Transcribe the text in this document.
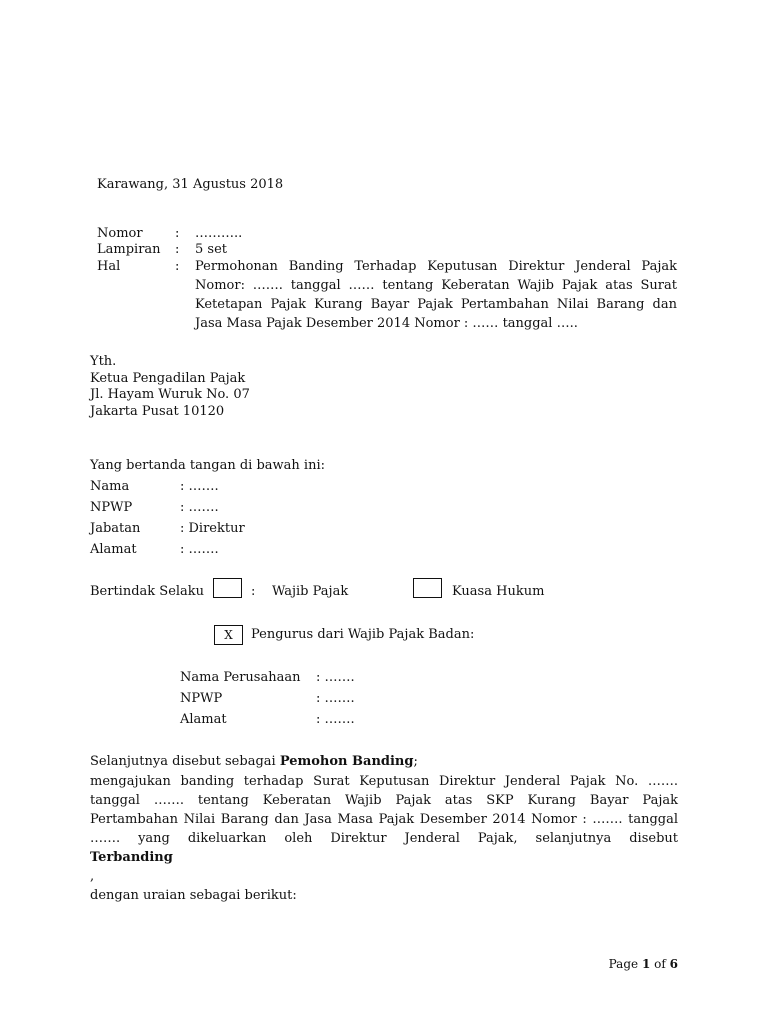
Karawang, 31 Agustus 2018
Nomor : ………..
Lampiran : 5 set
Hal	: Permohonan Banding Terhadap Keputusan Direktur Jenderal Pajak
Nomor: ……. tanggal …… tentang Keberatan Wajib Pajak atas Surat
Ketetapan Pajak Kurang Bayar Pajak Pertambahan Nilai Barang dan
Jasa Masa Pajak Desember 2014 Nomor : …… tanggal …..
Yth.
Ketua Pengadilan Pajak
Jl. Hayam Wuruk No. 07
Jakarta Pusat 10120
Yang bertanda tangan di bawah ini:
Nama	: …….
NPWP	: …….
Jabatan	: Direktur
Alamat	: …….
Bertindak Selaku	: Wajib Pajak	Kuasa Hukum
X Pengurus dari Wajib Pajak Badan:
Nama Perusahaan : …….
NPWP	: …….
Alamat	: …….
Selanjutnya disebut sebagai Pemohon Banding;
mengajukan banding terhadap Surat Keputusan Direktur Jenderal Pajak No. …….
tanggal ……. tentang Keberatan Wajib Pajak atas SKP Kurang Bayar Pajak
Pertambahan Nilai Barang dan Jasa Masa Pajak Desember 2014 Nomor : ……. tanggal
……. yang dikeluarkan oleh Direktur Jenderal Pajak, selanjutnya disebut
Terbanding
,
dengan uraian sebagai berikut:
Page 1 of 6
